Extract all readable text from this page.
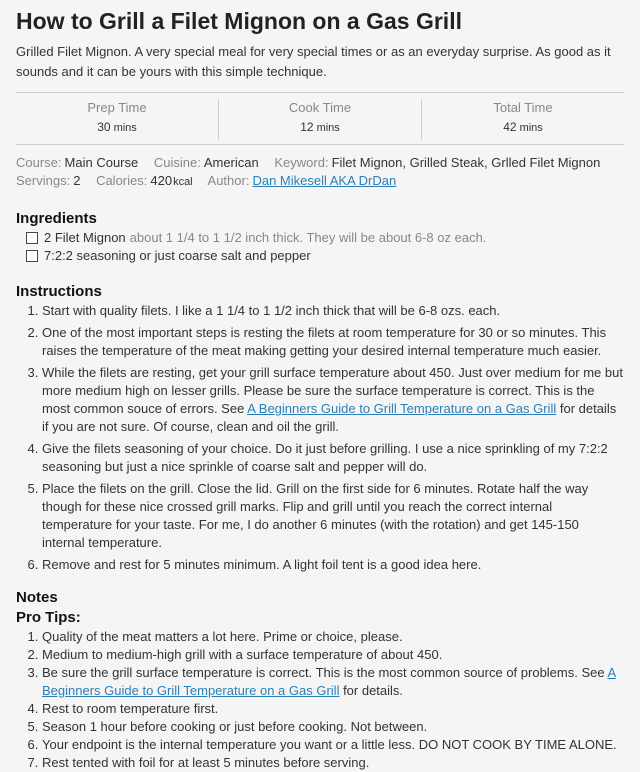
How to Grill a Filet Mignon on a Gas Grill
Grilled Filet Mignon. A very special meal for very special times or as an everyday surprise. As good as it sounds and it can be yours with this simple technique.
Prep Time
30 mins
Cook Time
12 mins
Total Time
42 mins
Course: Main Course Cuisine: American Keyword: Filet Mignon, Grilled Steak, Grlled Filet Mignon
Servings: 2 Calories: 420kcal Author: Dan Mikesell AKA DrDan
Ingredients
2 Filet Mignon about 1 1/4 to 1 1/2 inch thick. They will be about 6-8 oz each.
7:2:2 seasoning or just coarse salt and pepper
Instructions
1. Start with quality filets. I like a 1 1/4 to 1 1/2 inch thick that will be 6-8 ozs. each.
2. One of the most important steps is resting the filets at room temperature for 30 or so minutes. This raises the temperature of the meat making getting your desired internal temperature much easier.
3. While the filets are resting, get your grill surface temperature about 450. Just over medium for me but more medium high on lesser grills. Please be sure the surface temperature is correct. This is the most common souce of errors. See A Beginners Guide to Grill Temperature on a Gas Grill for details if you are not sure. Of course, clean and oil the grill.
4. Give the filets seasoning of your choice. Do it just before grilling. I use a nice sprinkling of my 7:2:2 seasoning but just a nice sprinkle of coarse salt and pepper will do.
5. Place the filets on the grill. Close the lid. Grill on the first side for 6 minutes. Rotate half the way though for these nice crossed grill marks. Flip and grill until you reach the correct internal temperature for your taste. For me, I do another 6 minutes (with the rotation) and get 145-150 internal temperature.
6. Remove and rest for 5 minutes minimum. A light foil tent is a good idea here.
Notes
Pro Tips:
1. Quality of the meat matters a lot here. Prime or choice, please.
2. Medium to medium-high grill with a surface temperature of about 450.
3. Be sure the grill surface temperature is correct. This is the most common source of problems. See A Beginners Guide to Grill Temperature on a Gas Grill for details.
4. Rest to room temperature first.
5. Season 1 hour before cooking or just before cooking. Not between.
6. Your endpoint is the internal temperature you want or a little less. DO NOT COOK BY TIME ALONE.
7. Rest tented with foil for at least 5 minutes before serving.
